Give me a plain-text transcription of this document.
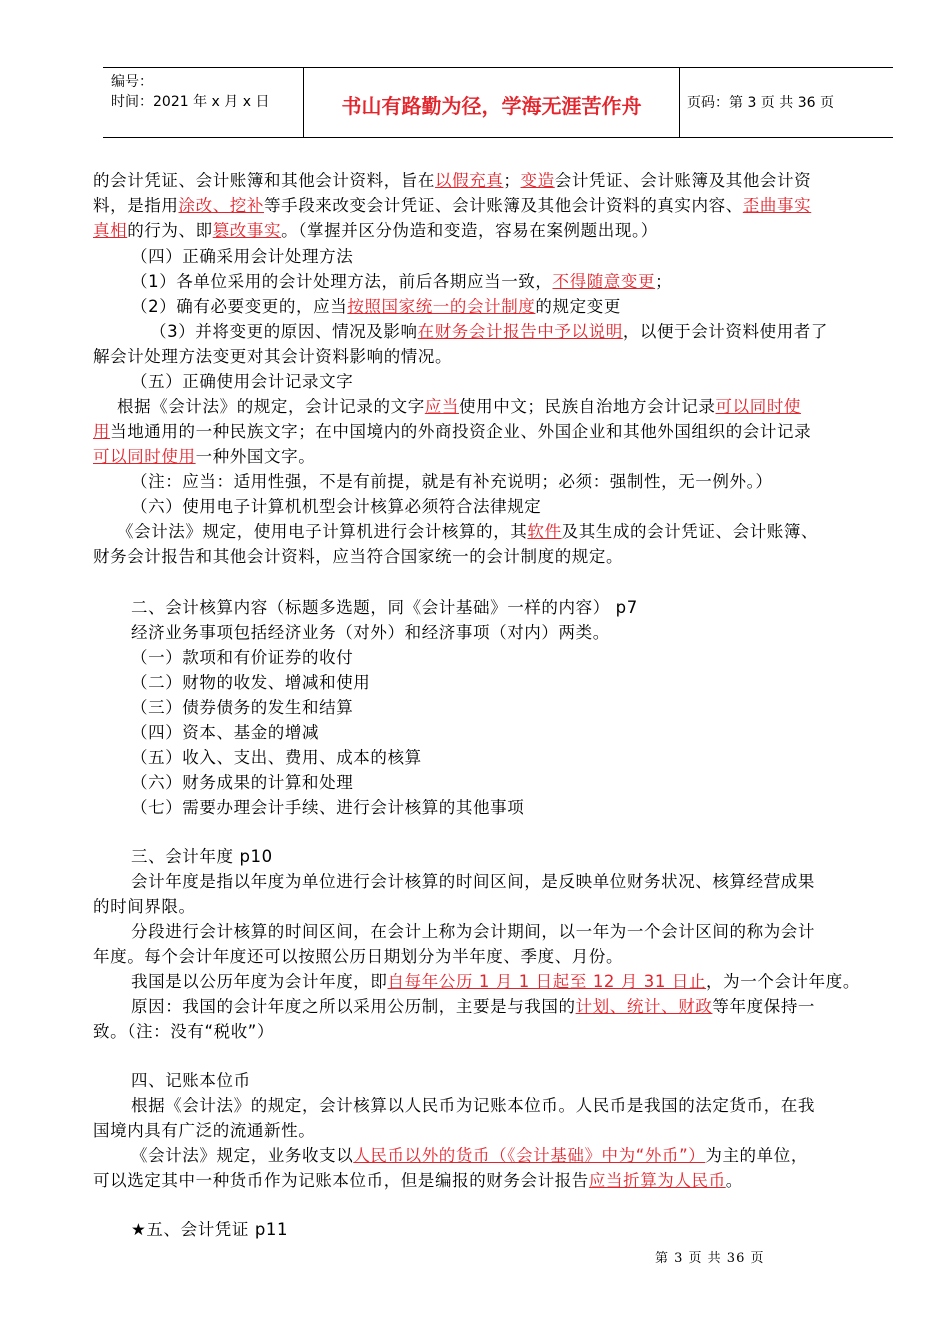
编号：
时间：2021 年 x 月 x 日	书山有路勤为径，学海无涯苦作舟	页码：第 3 页 共 36 页
的会计凭证、会计账簿和其他会计资料，旨在以假充真；变造会计凭证、会计账簿及其他会计资
料，是指用涂改、挖补等手段来改变会计凭证、会计账簿及其他会计资料的真实内容、歪曲事实
真相的行为、即篡改事实。（掌握并区分伪造和变造，容易在案例题出现。）
（四）正确采用会计处理方法
（1）各单位采用的会计处理方法，前后各期应当一致，不得随意变更；
（2）确有必要变更的，应当按照国家统一的会计制度的规定变更
（3）并将变更的原因、情况及影响在财务会计报告中予以说明，以便于会计资料使用者了
解会计处理方法变更对其会计资料影响的情况。
（五）正确使用会计记录文字
根据《会计法》的规定，会计记录的文字应当使用中文；民族自治地方会计记录可以同时使
用当地通用的一种民族文字；在中国境内的外商投资企业、外国企业和其他外国组织的会计记录
可以同时使用一种外国文字。
（注：应当：适用性强，不是有前提，就是有补充说明；必须：强制性，无一例外。）
（六）使用电子计算机机型会计核算必须符合法律规定
《会计法》规定，使用电子计算机进行会计核算的，其软件及其生成的会计凭证、会计账簿、
财务会计报告和其他会计资料，应当符合国家统一的会计制度的规定。
二、会计核算内容（标题多选题，同《会计基础》一样的内容） p7
经济业务事项包括经济业务（对外）和经济事项（对内）两类。
（一）款项和有价证券的收付
（二）财物的收发、增减和使用
（三）债券债务的发生和结算
（四）资本、基金的增减
（五）收入、支出、费用、成本的核算
（六）财务成果的计算和处理
（七）需要办理会计手续、进行会计核算的其他事项
三、会计年度 p10
会计年度是指以年度为单位进行会计核算的时间区间，是反映单位财务状况、核算经营成果
的时间界限。
分段进行会计核算的时间区间，在会计上称为会计期间，以一年为一个会计区间的称为会计
年度。每个会计年度还可以按照公历日期划分为半年度、季度、月份。
我国是以公历年度为会计年度，即自每年公历 1 月 1 日起至 12 月 31 日止，为一个会计年度。
原因：我国的会计年度之所以采用公历制，主要是与我国的计划、统计、财政等年度保持一
致。（注：没有“税收”）
四、记账本位币
根据《会计法》的规定，会计核算以人民币为记账本位币。人民币是我国的法定货币，在我
国境内具有广泛的流通新性。
《会计法》规定，业务收支以人民币以外的货币（《会计基础》中为“外币”）为主的单位，
可以选定其中一种货币作为记账本位币，但是编报的财务会计报告应当折算为人民币。
★五、会计凭证 p11
第 3 页 共 36 页
